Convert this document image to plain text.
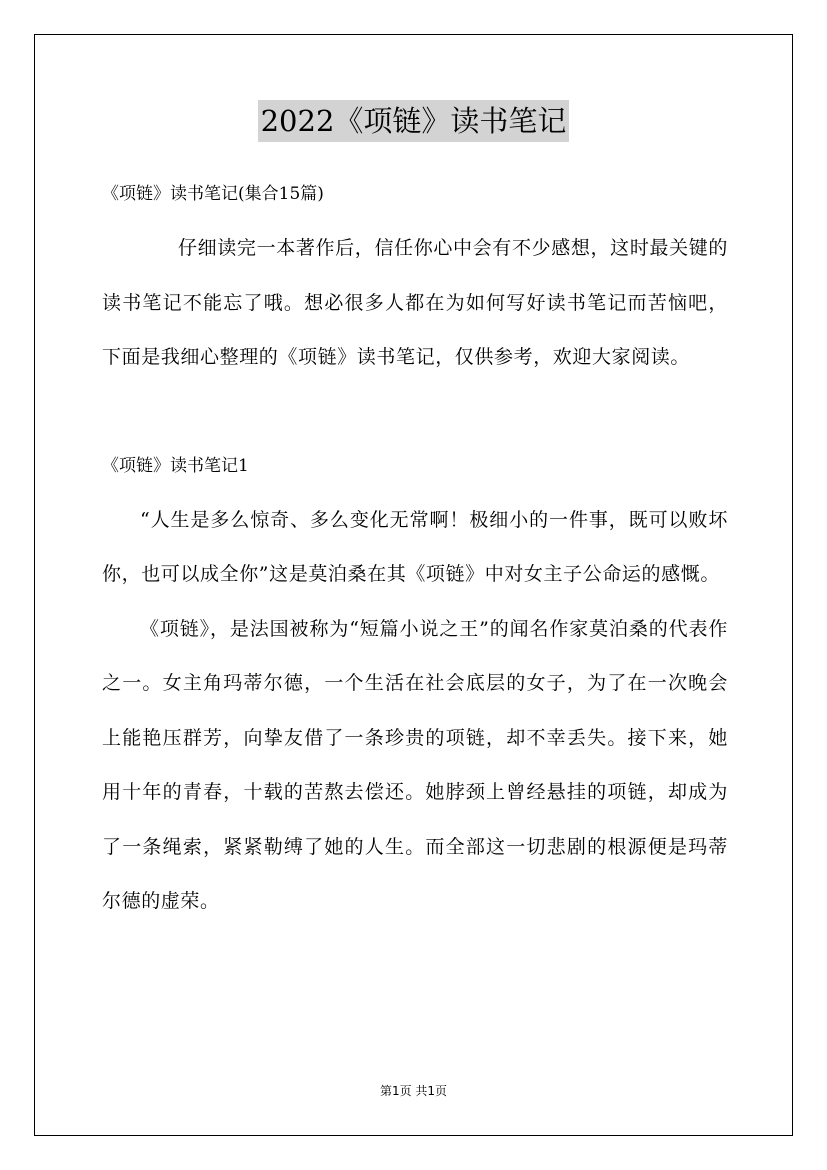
2022《项链》读书笔记

《项链》读书笔记(集合15篇)

仔细读完一本著作后，信任你心中会有不少感想，这时最关键的读书笔记不能忘了哦。想必很多人都在为如何写好读书笔记而苦恼吧，下面是我细心整理的《项链》读书笔记，仅供参考，欢迎大家阅读。

《项链》读书笔记1

“人生是多么惊奇、多么变化无常啊！极细小的一件事，既可以败坏你，也可以成全你”这是莫泊桑在其《项链》中对女主子公命运的感慨。

《项链》，是法国被称为“短篇小说之王”的闻名作家莫泊桑的代表作之一。女主角玛蒂尔德，一个生活在社会底层的女子，为了在一次晚会上能艳压群芳，向挚友借了一条珍贵的项链，却不幸丢失。接下来，她用十年的青春，十载的苦熬去偿还。她脖颈上曾经悬挂的项链，却成为了一条绳索，紧紧勒缚了她的人生。而全部这一切悲剧的根源便是玛蒂尔德的虚荣。

第1页 共1页
